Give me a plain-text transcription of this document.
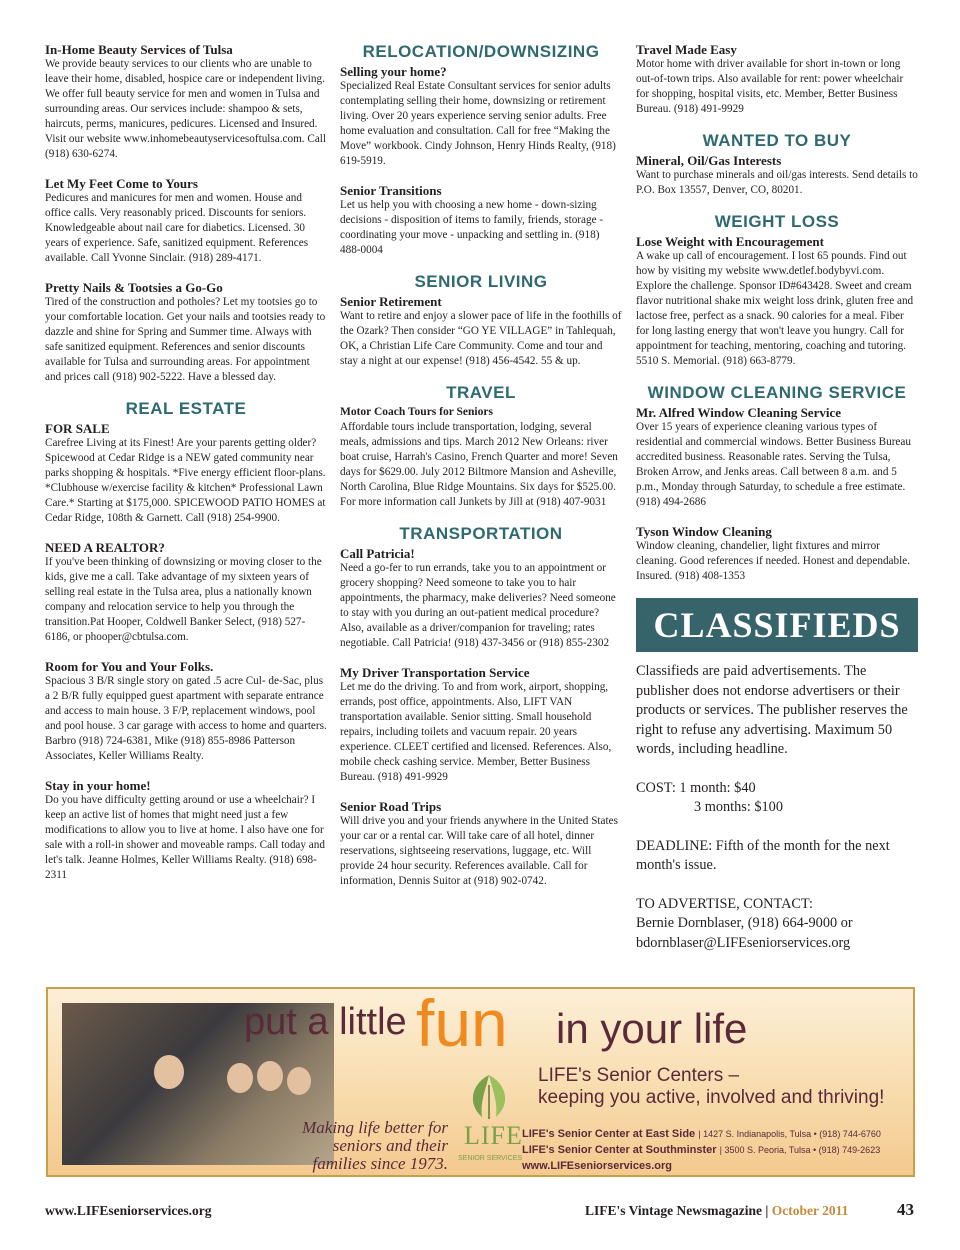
In-Home Beauty Services of Tulsa
We provide beauty services to our clients who are unable to leave their home, disabled, hospice care or independent living. We offer full beauty service for men and women in Tulsa and surrounding areas. Our services include: shampoo & sets, haircuts, perms, manicures, pedicures. Licensed and Insured. Visit our website www.inhomebeautyservicesoftulsa.com. Call (918) 630-6274.
Let My Feet Come to Yours
Pedicures and manicures for men and women. House and office calls. Very reasonably priced. Discounts for seniors. Knowledgeable about nail care for diabetics. Licensed. 30 years of experience. Safe, sanitized equipment. References available. Call Yvonne Sinclair. (918) 289-4171.
Pretty Nails & Tootsies a Go-Go
Tired of the construction and potholes? Let my tootsies go to your comfortable location. Get your nails and tootsies ready to dazzle and shine for Spring and Summer time. Always with safe sanitized equipment. References and senior discounts available for Tulsa and surrounding areas. For appointment and prices call (918) 902-5222. Have a blessed day.
REAL ESTATE
FOR SALE
Carefree Living at its Finest! Are your parents getting older? Spicewood at Cedar Ridge is a NEW gated community near parks shopping & hospitals. *Five energy efficient floor-plans. *Clubhouse w/exercise facility & kitchen* Professional Lawn Care.* Starting at $175,000. SPICEWOOD PATIO HOMES at Cedar Ridge, 108th & Garnett. Call (918) 254-9900.
NEED A REALTOR?
If you've been thinking of downsizing or moving closer to the kids, give me a call. Take advantage of my sixteen years of selling real estate in the Tulsa area, plus a nationally known company and relocation service to help you through the transition.Pat Hooper, Coldwell Banker Select, (918) 527-6186, or phooper@cbtulsa.com.
Room for You and Your Folks.
Spacious 3 B/R single story on gated .5 acre Cul- de-Sac, plus a 2 B/R fully equipped guest apartment with separate entrance and access to main house. 3 F/P, replacement windows, pool and pool house. 3 car garage with access to home and quarters. Barbro (918) 724-6381, Mike (918) 855-8986 Patterson Associates, Keller Williams Realty.
Stay in your home!
Do you have difficulty getting around or use a wheelchair? I keep an active list of homes that might need just a few modifications to allow you to live at home. I also have one for sale with a roll-in shower and moveable ramps. Call today and let's talk. Jeanne Holmes, Keller Williams Realty. (918) 698-2311
RELOCATION/DOWNSIZING
Selling your home?
Specialized Real Estate Consultant services for senior adults contemplating selling their home, downsizing or retirement living. Over 20 years experience serving senior adults. Free home evaluation and consultation. Call for free “Making the Move” workbook. Cindy Johnson, Henry Hinds Realty, (918) 619-5919.
Senior Transitions
Let us help you with choosing a new home - down-sizing decisions - disposition of items to family, friends, storage - coordinating your move - unpacking and settling in. (918) 488-0004
SENIOR LIVING
Senior Retirement
Want to retire and enjoy a slower pace of life in the foothills of the Ozark? Then consider “GO YE VILLAGE” in Tahlequah, OK, a Christian Life Care Community. Come and tour and stay a night at our expense! (918) 456-4542. 55 & up.
TRAVEL
Motor Coach Tours for Seniors
Affordable tours include transportation, lodging, several meals, admissions and tips. March 2012 New Orleans: river boat cruise, Harrah's Casino, French Quarter and more! Seven days for $629.00. July 2012 Biltmore Mansion and Asheville, North Carolina, Blue Ridge Mountains. Six days for $525.00. For more information call Junkets by Jill at (918) 407-9031
TRANSPORTATION
Call Patricia!
Need a go-fer to run errands, take you to an appointment or grocery shopping? Need someone to take you to hair appointments, the pharmacy, make deliveries? Need someone to stay with you during an out-patient medical procedure? Also, available as a driver/companion for traveling; rates negotiable. Call Patricia! (918) 437-3456 or (918) 855-2302
My Driver Transportation Service
Let me do the driving. To and from work, airport, shopping, errands, post office, appointments. Also, LIFT VAN transportation available. Senior sitting. Small household repairs, including toilets and vacuum repair. 20 years experience. CLEET certified and licensed. References. Also, mobile check cashing service. Member, Better Business Bureau. (918) 491-9929
Senior Road Trips
Will drive you and your friends anywhere in the United States your car or a rental car. Will take care of all hotel, dinner reservations, sightseeing reservations, luggage, etc. Will provide 24 hour security. References available. Call for information, Dennis Suitor at (918) 902-0742.
Travel Made Easy
Motor home with driver available for short in-town or long out-of-town trips. Also available for rent: power wheelchair for shopping, hospital visits, etc. Member, Better Business Bureau. (918) 491-9929
WANTED TO BUY
Mineral, Oil/Gas Interests
Want to purchase minerals and oil/gas interests. Send details to P.O. Box 13557, Denver, CO, 80201.
WEIGHT LOSS
Lose Weight with Encouragement
A wake up call of encouragement. I lost 65 pounds. Find out how by visiting my website www.detlef.bodybyvi.com. Explore the challenge. Sponsor ID#643428. Sweet and cream flavor nutritional shake mix weight loss drink, gluten free and lactose free, perfect as a snack. 90 calories for a meal. Fiber for long lasting energy that won't leave you hungry. Call for appointment for teaching, mentoring, coaching and tutoring. 5510 S. Memorial. (918) 663-8779.
WINDOW CLEANING SERVICE
Mr. Alfred Window Cleaning Service
Over 15 years of experience cleaning various types of residential and commercial windows. Better Business Bureau accredited business. Reasonable rates. Serving the Tulsa, Broken Arrow, and Jenks areas. Call between 8 a.m. and 5 p.m., Monday through Saturday, to schedule a free estimate. (918) 494-2686
Tyson Window Cleaning
Window cleaning, chandelier, light fixtures and mirror cleaning. Good references if needed. Honest and dependable. Insured. (918) 408-1353
CLASSIFIEDS
Classifieds are paid advertisements. The publisher does not endorse advertisers or their products or services. The publisher reserves the right to refuse any advertising. Maximum 50 words, including headline.
COST: 1 month: $40
3 months: $100
DEADLINE: Fifth of the month for the next month's issue.
TO ADVERTISE, CONTACT:
Bernie Dornblaser, (918) 664-9000 or
bdornblaser@LIFEseniorservices.org
put a little fun in your life
LIFE's Senior Centers –
keeping you active, involved and thriving!
Making life better for seniors and their families since 1973.
LIFE
SENIOR SERVICES
LIFE's Senior Center at East Side | 1427 S. Indianapolis, Tulsa • (918) 744-6760
LIFE's Senior Center at Southminster | 3500 S. Peoria, Tulsa • (918) 749-2623
www.LIFEseniorservices.org
www.LIFEseniorservices.org	LIFE's Vintage Newsmagazine | October 2011	43
